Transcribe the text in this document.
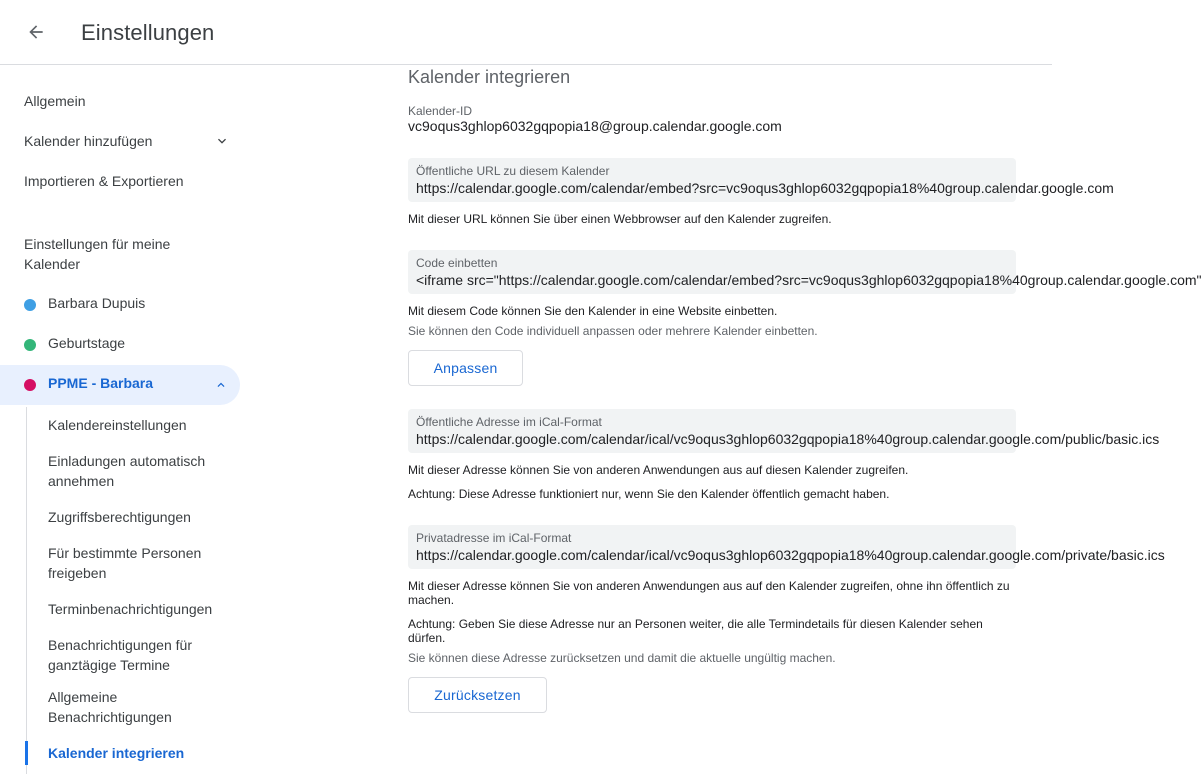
Einstellungen
Allgemein
Kalender hinzufügen
Importieren & Exportieren
Einstellungen für meine Kalender
Barbara Dupuis
Geburtstage
PPME - Barbara
Kalendereinstellungen
Einladungen automatisch annehmen
Zugriffsberechtigungen
Für bestimmte Personen freigeben
Terminbenachrichtigungen
Benachrichtigungen für ganztägige Termine
Allgemeine Benachrichtigungen
Kalender integrieren
Kalender integrieren
Kalender-ID
vc9oqus3ghlop6032gqpopia18@group.calendar.google.com
Öffentliche URL zu diesem Kalender
https://calendar.google.com/calendar/embed?src=vc9oqus3ghlop6032gqpopia18%40group.calendar.google.com
Mit dieser URL können Sie über einen Webbrowser auf den Kalender zugreifen.
Code einbetten
<iframe src="https://calendar.google.com/calendar/embed?src=vc9oqus3ghlop6032gqpopia18%40group.calendar.google.com"
Mit diesem Code können Sie den Kalender in eine Website einbetten.
Sie können den Code individuell anpassen oder mehrere Kalender einbetten.
Anpassen
Öffentliche Adresse im iCal-Format
https://calendar.google.com/calendar/ical/vc9oqus3ghlop6032gqpopia18%40group.calendar.google.com/public/basic.ics
Mit dieser Adresse können Sie von anderen Anwendungen aus auf diesen Kalender zugreifen.
Achtung: Diese Adresse funktioniert nur, wenn Sie den Kalender öffentlich gemacht haben.
Privatadresse im iCal-Format
https://calendar.google.com/calendar/ical/vc9oqus3ghlop6032gqpopia18%40group.calendar.google.com/private/basic.ics
Mit dieser Adresse können Sie von anderen Anwendungen aus auf den Kalender zugreifen, ohne ihn öffentlich zu machen.
Achtung: Geben Sie diese Adresse nur an Personen weiter, die alle Termindetails für diesen Kalender sehen dürfen.
Sie können diese Adresse zurücksetzen und damit die aktuelle ungültig machen.
Zurücksetzen
